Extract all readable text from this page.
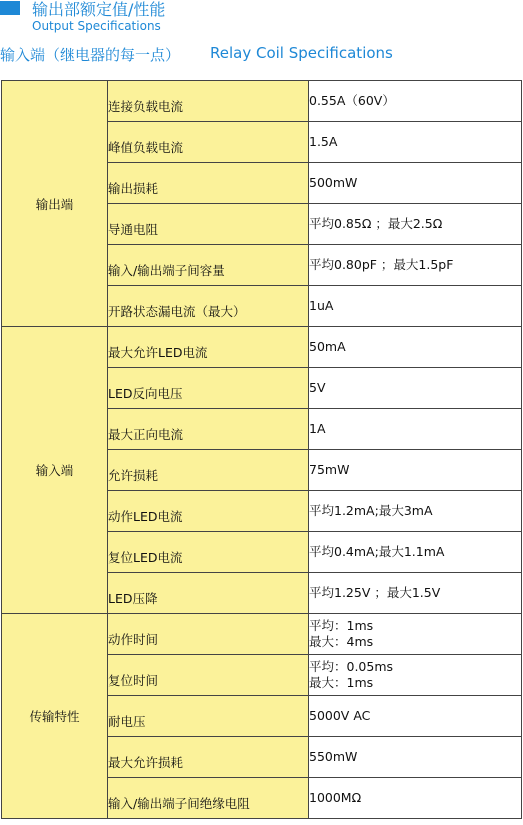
输出部额定值/性能
Output Specifications
输入端（继电器的每一点） Relay Coil Specifications
输出端	连接负载电流	0.55A（60V）

	峰值负载电流	1.5A

	输出损耗	500mW

	导通电阻	平均0.85Ω ；最大2.5Ω

	输入/输出端子间容量	平均0.80pF ；最大1.5pF

	开路状态漏电流（最大）	1uA

输入端	最大允许LED电流	50mA

	LED反向电压	5V

	最大正向电流	1A

	允许损耗	75mW

	动作LED电流	平均1.2mA;最大3mA

	复位LED电流	平均0.4mA;最大1.1mA

	LED压降	平均1.25V ；最大1.5V

传输特性	动作时间	平均：1ms
最大：4ms

	复位时间	平均：0.05ms
最大：1ms

	耐电压	5000V AC

	最大允许损耗	550mW

	输入/输出端子间绝缘电阻	1000MΩ
